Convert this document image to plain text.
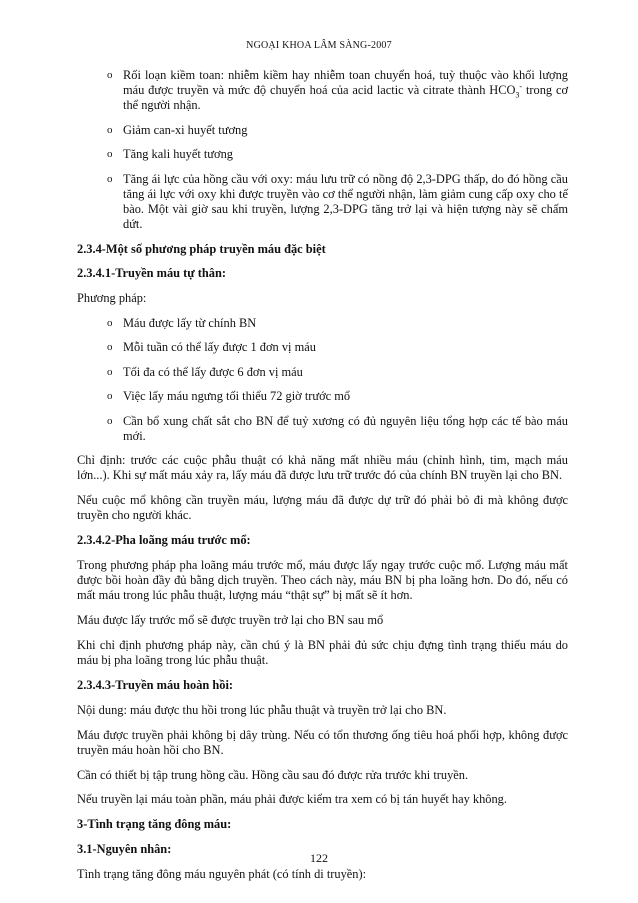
NGOẠI KHOA LÂM SÀNG-2007
o Rối loạn kiềm toan: nhiễm kiềm hay nhiễm toan chuyển hoá, tuỳ thuộc vào khối lượng máu được truyền và mức độ chuyển hoá của acid lactic và citrate thành $HCO_3^-$ trong cơ thể người nhận.
o Giảm can-xi huyết tương
o Tăng kali huyết tương
o Tăng ái lực của hồng cầu với oxy: máu lưu trữ có nồng độ 2,3-DPG thấp, do đó hồng cầu tăng ái lực với oxy khi được truyền vào cơ thể người nhận, làm giảm cung cấp oxy cho tế bào. Một vài giờ sau khi truyền, lượng 2,3-DPG tăng trở lại và hiện tượng này sẽ chấm dứt.
2.3.4-Một số phương pháp truyền máu đặc biệt
2.3.4.1-Truyền máu tự thân:

Phương pháp:

o Máu được lấy từ chính BN
o Mỗi tuần có thể lấy được 1 đơn vị máu
o Tối đa có thể lấy được 6 đơn vị máu
o Việc lấy máu ngưng tối thiểu 72 giờ trước mổ
o Cần bổ xung chất sắt cho BN để tuỷ xương có đủ nguyên liệu tổng hợp các tế bào máu mới.

Chỉ định: trước các cuộc phẫu thuật có khả năng mất nhiều máu (chỉnh hình, tim, mạch máu lớn...). Khi sự mất máu xảy ra, lấy máu đã được lưu trữ trước đó của chính BN truyền lại cho BN.

Nếu cuộc mổ không cần truyền máu, lượng máu đã được dự trữ đó phải bỏ đi mà không được truyền cho người khác.

2.3.4.2-Pha loãng máu trước mổ:

Trong phương pháp pha loãng máu trước mổ, máu được lấy ngay trước cuộc mổ. Lượng máu mất được bồi hoàn đầy đủ bằng dịch truyền. Theo cách này, máu BN bị pha loãng hơn. Do đó, nếu có mất máu trong lúc phẫu thuật, lượng máu “thật sự” bị mất sẽ ít hơn.

Máu được lấy trước mổ sẽ được truyền trở lại cho BN sau mổ

Khi chỉ định phương pháp này, cần chú ý là BN phải đủ sức chịu đựng tình trạng thiếu máu do máu bị pha loãng trong lúc phẫu thuật.

2.3.4.3-Truyền máu hoàn hồi:

Nội dung: máu được thu hồi trong lúc phẫu thuật và truyền trở lại cho BN.

Máu được truyền phải không bị dây trùng. Nếu có tổn thương ống tiêu hoá phối hợp, không được truyền máu hoàn hồi cho BN.

Cần có thiết bị tập trung hồng cầu. Hồng cầu sau đó được rửa trước khi truyền.

Nếu truyền lại máu toàn phần, máu phải được kiểm tra xem có bị tán huyết hay không.

3-Tình trạng tăng đông máu:
3.1-Nguyên nhân:

Tình trạng tăng đông máu nguyên phát (có tính di truyền):

122
